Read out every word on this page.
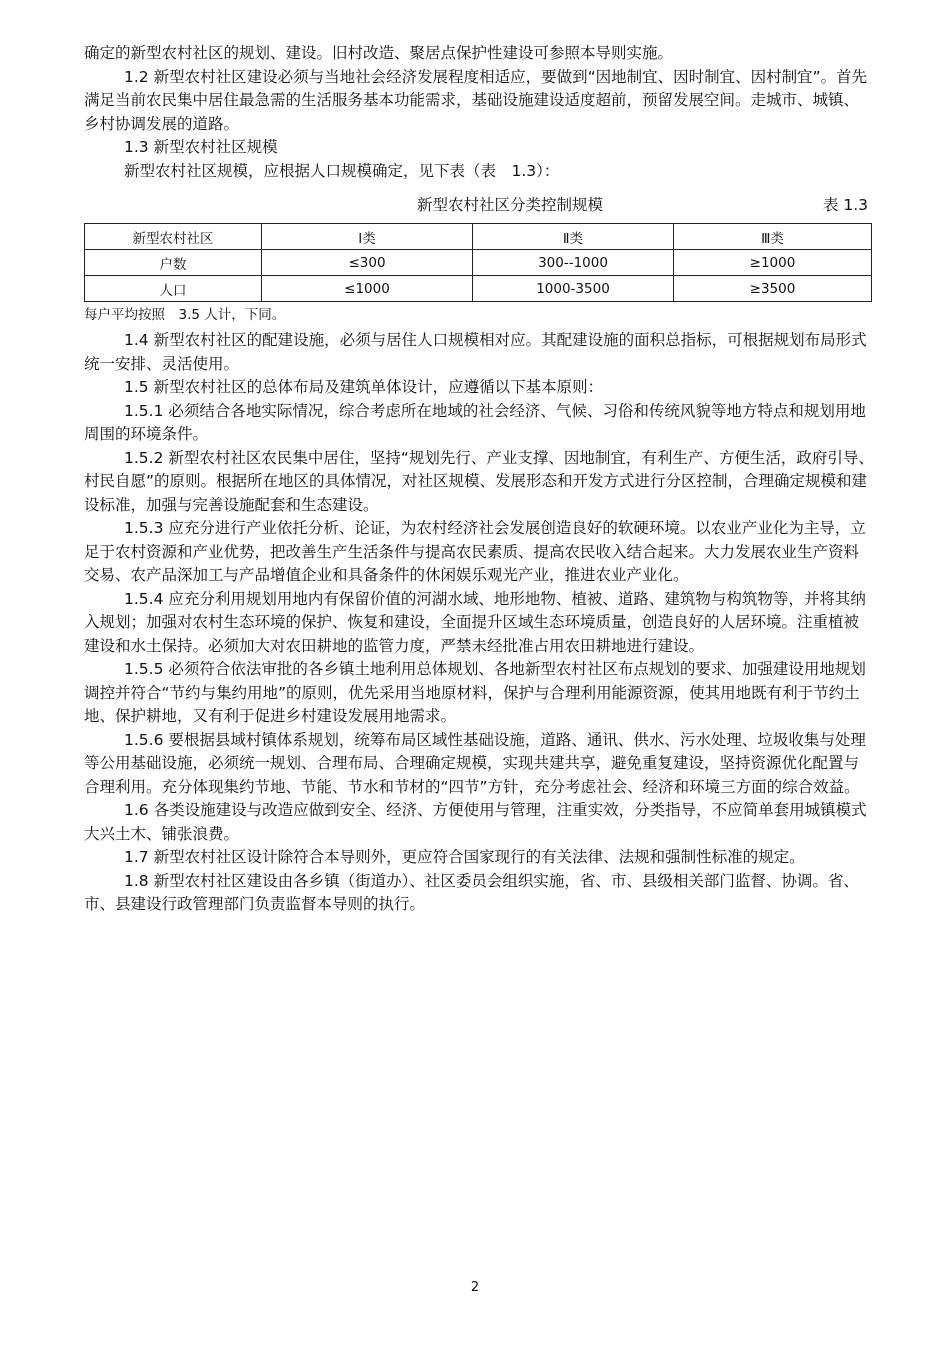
确定的新型农村社区的规划、建设。旧村改造、聚居点保护性建设可参照本导则实施。

1.2 新型农村社区建设必须与当地社会经济发展程度相适应，要做到“因地制宜、因时制宜、因村制宜”。首先满足当前农民集中居住最急需的生活服务基本功能需求，基础设施建设适度超前，预留发展空间。走城市、城镇、乡村协调发展的道路。

1.3 新型农村社区规模

新型农村社区规模，应根据人口规模确定，见下表（表　1.3）：

新型农村社区分类控制规模	表 1.3
新型农村社区	Ⅰ类	Ⅱ类	Ⅲ类
户数	≤300	300--1000	≥1000
人口	≤1000	1000-3500	≥3500
每户平均按照　3.5 人计，下同。

1.4 新型农村社区的配建设施，必须与居住人口规模相对应。其配建设施的面积总指标，可根据规划布局形式统一安排、灵活使用。

1.5 新型农村社区的总体布局及建筑单体设计，应遵循以下基本原则：

1.5.1 必须结合各地实际情况，综合考虑所在地域的社会经济、气候、习俗和传统风貌等地方特点和规划用地周围的环境条件。

1.5.2 新型农村社区农民集中居住，坚持“规划先行、产业支撑、因地制宜，有利生产、方便生活，政府引导、村民自愿”的原则。根据所在地区的具体情况，对社区规模、发展形态和开发方式进行分区控制，合理确定规模和建设标准，加强与完善设施配套和生态建设。

1.5.3 应充分进行产业依托分析、论证，为农村经济社会发展创造良好的软硬环境。以农业产业化为主导，立足于农村资源和产业优势，把改善生产生活条件与提高农民素质、提高农民收入结合起来。大力发展农业生产资料交易、农产品深加工与产品增值企业和具备条件的休闲娱乐观光产业，推进农业产业化。

1.5.4 应充分利用规划用地内有保留价值的河湖水域、地形地物、植被、道路、建筑物与构筑物等，并将其纳入规划；加强对农村生态环境的保护、恢复和建设，全面提升区域生态环境质量，创造良好的人居环境。注重植被建设和水土保持。必须加大对农田耕地的监管力度，严禁未经批准占用农田耕地进行建设。

1.5.5 必须符合依法审批的各乡镇土地利用总体规划、各地新型农村社区布点规划的要求、加强建设用地规划调控并符合“节约与集约用地”的原则，优先采用当地原材料，保护与合理利用能源资源，使其用地既有利于节约土地、保护耕地，又有利于促进乡村建设发展用地需求。

1.5.6 要根据县域村镇体系规划，统筹布局区域性基础设施，道路、通讯、供水、污水处理、垃圾收集与处理等公用基础设施，必须统一规划、合理布局、合理确定规模，实现共建共享，避免重复建设，坚持资源优化配置与合理利用。充分体现集约节地、节能、节水和节材的“四节”方针，充分考虑社会、经济和环境三方面的综合效益。

1.6 各类设施建设与改造应做到安全、经济、方便使用与管理，注重实效，分类指导，不应简单套用城镇模式大兴土木、铺张浪费。

1.7 新型农村社区设计除符合本导则外，更应符合国家现行的有关法律、法规和强制性标准的规定。

1.8 新型农村社区建设由各乡镇（街道办）、社区委员会组织实施，省、市、县级相关部门监督、协调。省、市、县建设行政管理部门负责监督本导则的执行。

2
